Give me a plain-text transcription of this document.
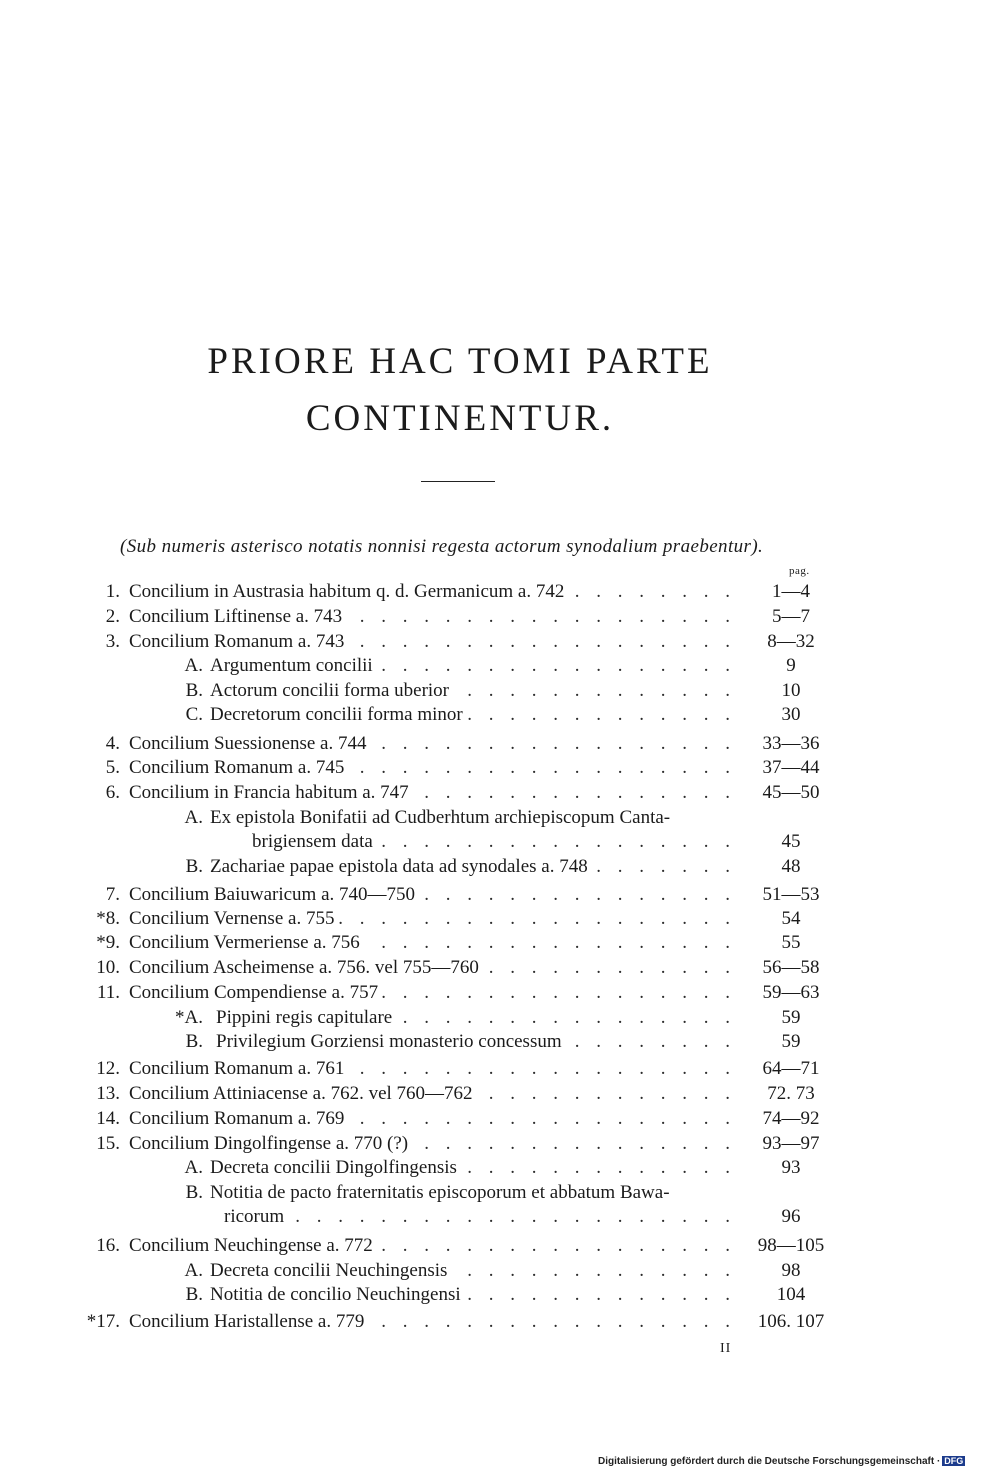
PRIORE HAC TOMI PARTE
CONTINENTUR.
(Sub numeris asterisco notatis nonnisi regesta actorum synodalium praebentur).
pag.
1. Concilium in Austrasia habitum q. d. Germanicum a. 742 . . .	1—4
2. Concilium Liftinense a. 743 . . .	5—7
3. Concilium Romanum a. 743 . . .	8—32
A. Argumentum concilii . . .	9
B. Actorum concilii forma uberior . . .	10
C. Decretorum concilii forma minor . . .	30
4. Concilium Suessionense a. 744 . . .	33—36
5. Concilium Romanum a. 745 . . .	37—44
6. Concilium in Francia habitum a. 747 . . .	45—50
A. Ex epistola Bonifatii ad Cudberhtum archiepiscopum Canta-
brigiensem data . . .	45
B. Zachariae papae epistola data ad synodales a. 748 . . .	48
7. Concilium Baiuwaricum a. 740—750 . . .	51—53
*8. Concilium Vernense a. 755 . . .	54
*9. Concilium Vermeriense a. 756 . . .	55
10. Concilium Ascheimense a. 756. vel 755—760 . . .	56—58
11. Concilium Compendiense a. 757 . . .	59—63
*A. Pippini regis capitulare . . .	59
B. Privilegium Gorziensi monasterio concessum . . .	59
12. Concilium Romanum a. 761 . . .	64—71
13. Concilium Attiniacense a. 762. vel 760—762 . . .	72. 73
14. Concilium Romanum a. 769 . . .	74—92
15. Concilium Dingolfingense a. 770 (?) . . .	93—97
A. Decreta concilii Dingolfingensis . . .	93
B. Notitia de pacto fraternitatis episcoporum et abbatum Bawa-
ricorum . . .	96
16. Concilium Neuchingense a. 772 . . .	98—105
A. Decreta concilii Neuchingensis . . .	98
B. Notitia de concilio Neuchingensi . . .	104
*17. Concilium Haristallense a. 779 . . .	106. 107
II
Digitalisierung gefördert durch die Deutsche Forschungsgemeinschaft · DFG
